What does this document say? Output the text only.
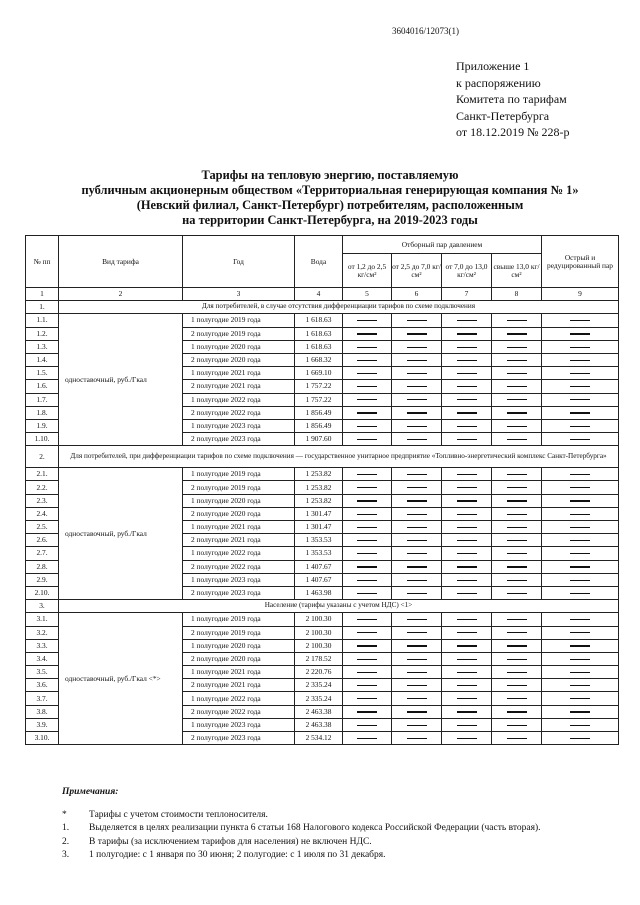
3604016/12073(1)
Приложение 1
к распоряжению
Комитета по тарифам
Санкт-Петербурга
от 18.12.2019 № 228-р
Тарифы на тепловую энергию, поставляемую
публичным акционерным обществом «Территориальная генерирующая компания № 1»
(Невский филиал, Санкт-Петербург) потребителям, расположенным
на территории Санкт-Петербурга, на 2019-2023 годы
№ пп	Вид тарифа	Год	Вода	Отборный пар давлением				Острый и редуцированный пар
				от 1,2 до 2,5 кг/см²	от 2,5 до 7,0 кг/см²	от 7,0 до 13,0 кг/см²	свыше 13,0 кг/см²	
1	2	3	4	5	6	7	8	9
1.	Для потребителей, в случае отсутствия дифференциации тарифов по схеме подключения							
1.1.	одноставочный, руб./Гкал	1 полугодие 2019 года	1 618.63					
1.2.		2 полугодие 2019 года	1 618.63					
1.3.		1 полугодие 2020 года	1 618.63					
1.4.		2 полугодие 2020 года	1 668.32					
1.5.		1 полугодие 2021 года	1 669.10					
1.6.		2 полугодие 2021 года	1 757.22					
1.7.		1 полугодие 2022 года	1 757.22					
1.8.		2 полугодие 2022 года	1 856.49					
1.9.		1 полугодие 2023 года	1 856.49					
1.10.		2 полугодие 2023 года	1 907.60					
2.	Для потребителей, при дифференциации тарифов по схеме подключения — государственное унитарное предприятие «Топливно-энергетический комплекс Санкт-Петербурга»							
2.1.	одноставочный, руб./Гкал	1 полугодие 2019 года	1 253.82					
2.2.		2 полугодие 2019 года	1 253.82					
2.3.		1 полугодие 2020 года	1 253.82					
2.4.		2 полугодие 2020 года	1 301.47					
2.5.		1 полугодие 2021 года	1 301.47					
2.6.		2 полугодие 2021 года	1 353.53					
2.7.		1 полугодие 2022 года	1 353.53					
2.8.		2 полугодие 2022 года	1 407.67					
2.9.		1 полугодие 2023 года	1 407.67					
2.10.		2 полугодие 2023 года	1 463.98					
3.	Население (тарифы указаны с учетом НДС) <1>							
3.1.	одноставочный, руб./Гкал <*>	1 полугодие 2019 года	2 100.30					
3.2.		2 полугодие 2019 года	2 100.30					
3.3.		1 полугодие 2020 года	2 100.30					
3.4.		2 полугодие 2020 года	2 178.52					
3.5.		1 полугодие 2021 года	2 220.76					
3.6.		2 полугодие 2021 года	2 335.24					
3.7.		1 полугодие 2022 года	2 335.24					
3.8.		2 полугодие 2022 года	2 463.38					
3.9.		1 полугодие 2023 года	2 463.38					
3.10.		2 полугодие 2023 года	2 534.12					
Примечания:
*	Тарифы с учетом стоимости теплоносителя.
1.	Выделяется в целях реализации пункта 6 статьи 168 Налогового кодекса Российской Федерации (часть вторая).
2.	В тарифы (за исключением тарифов для населения) не включен НДС.
3.	1 полугодие: с 1 января по 30 июня; 2 полугодие: с 1 июля по 31 декабря.
